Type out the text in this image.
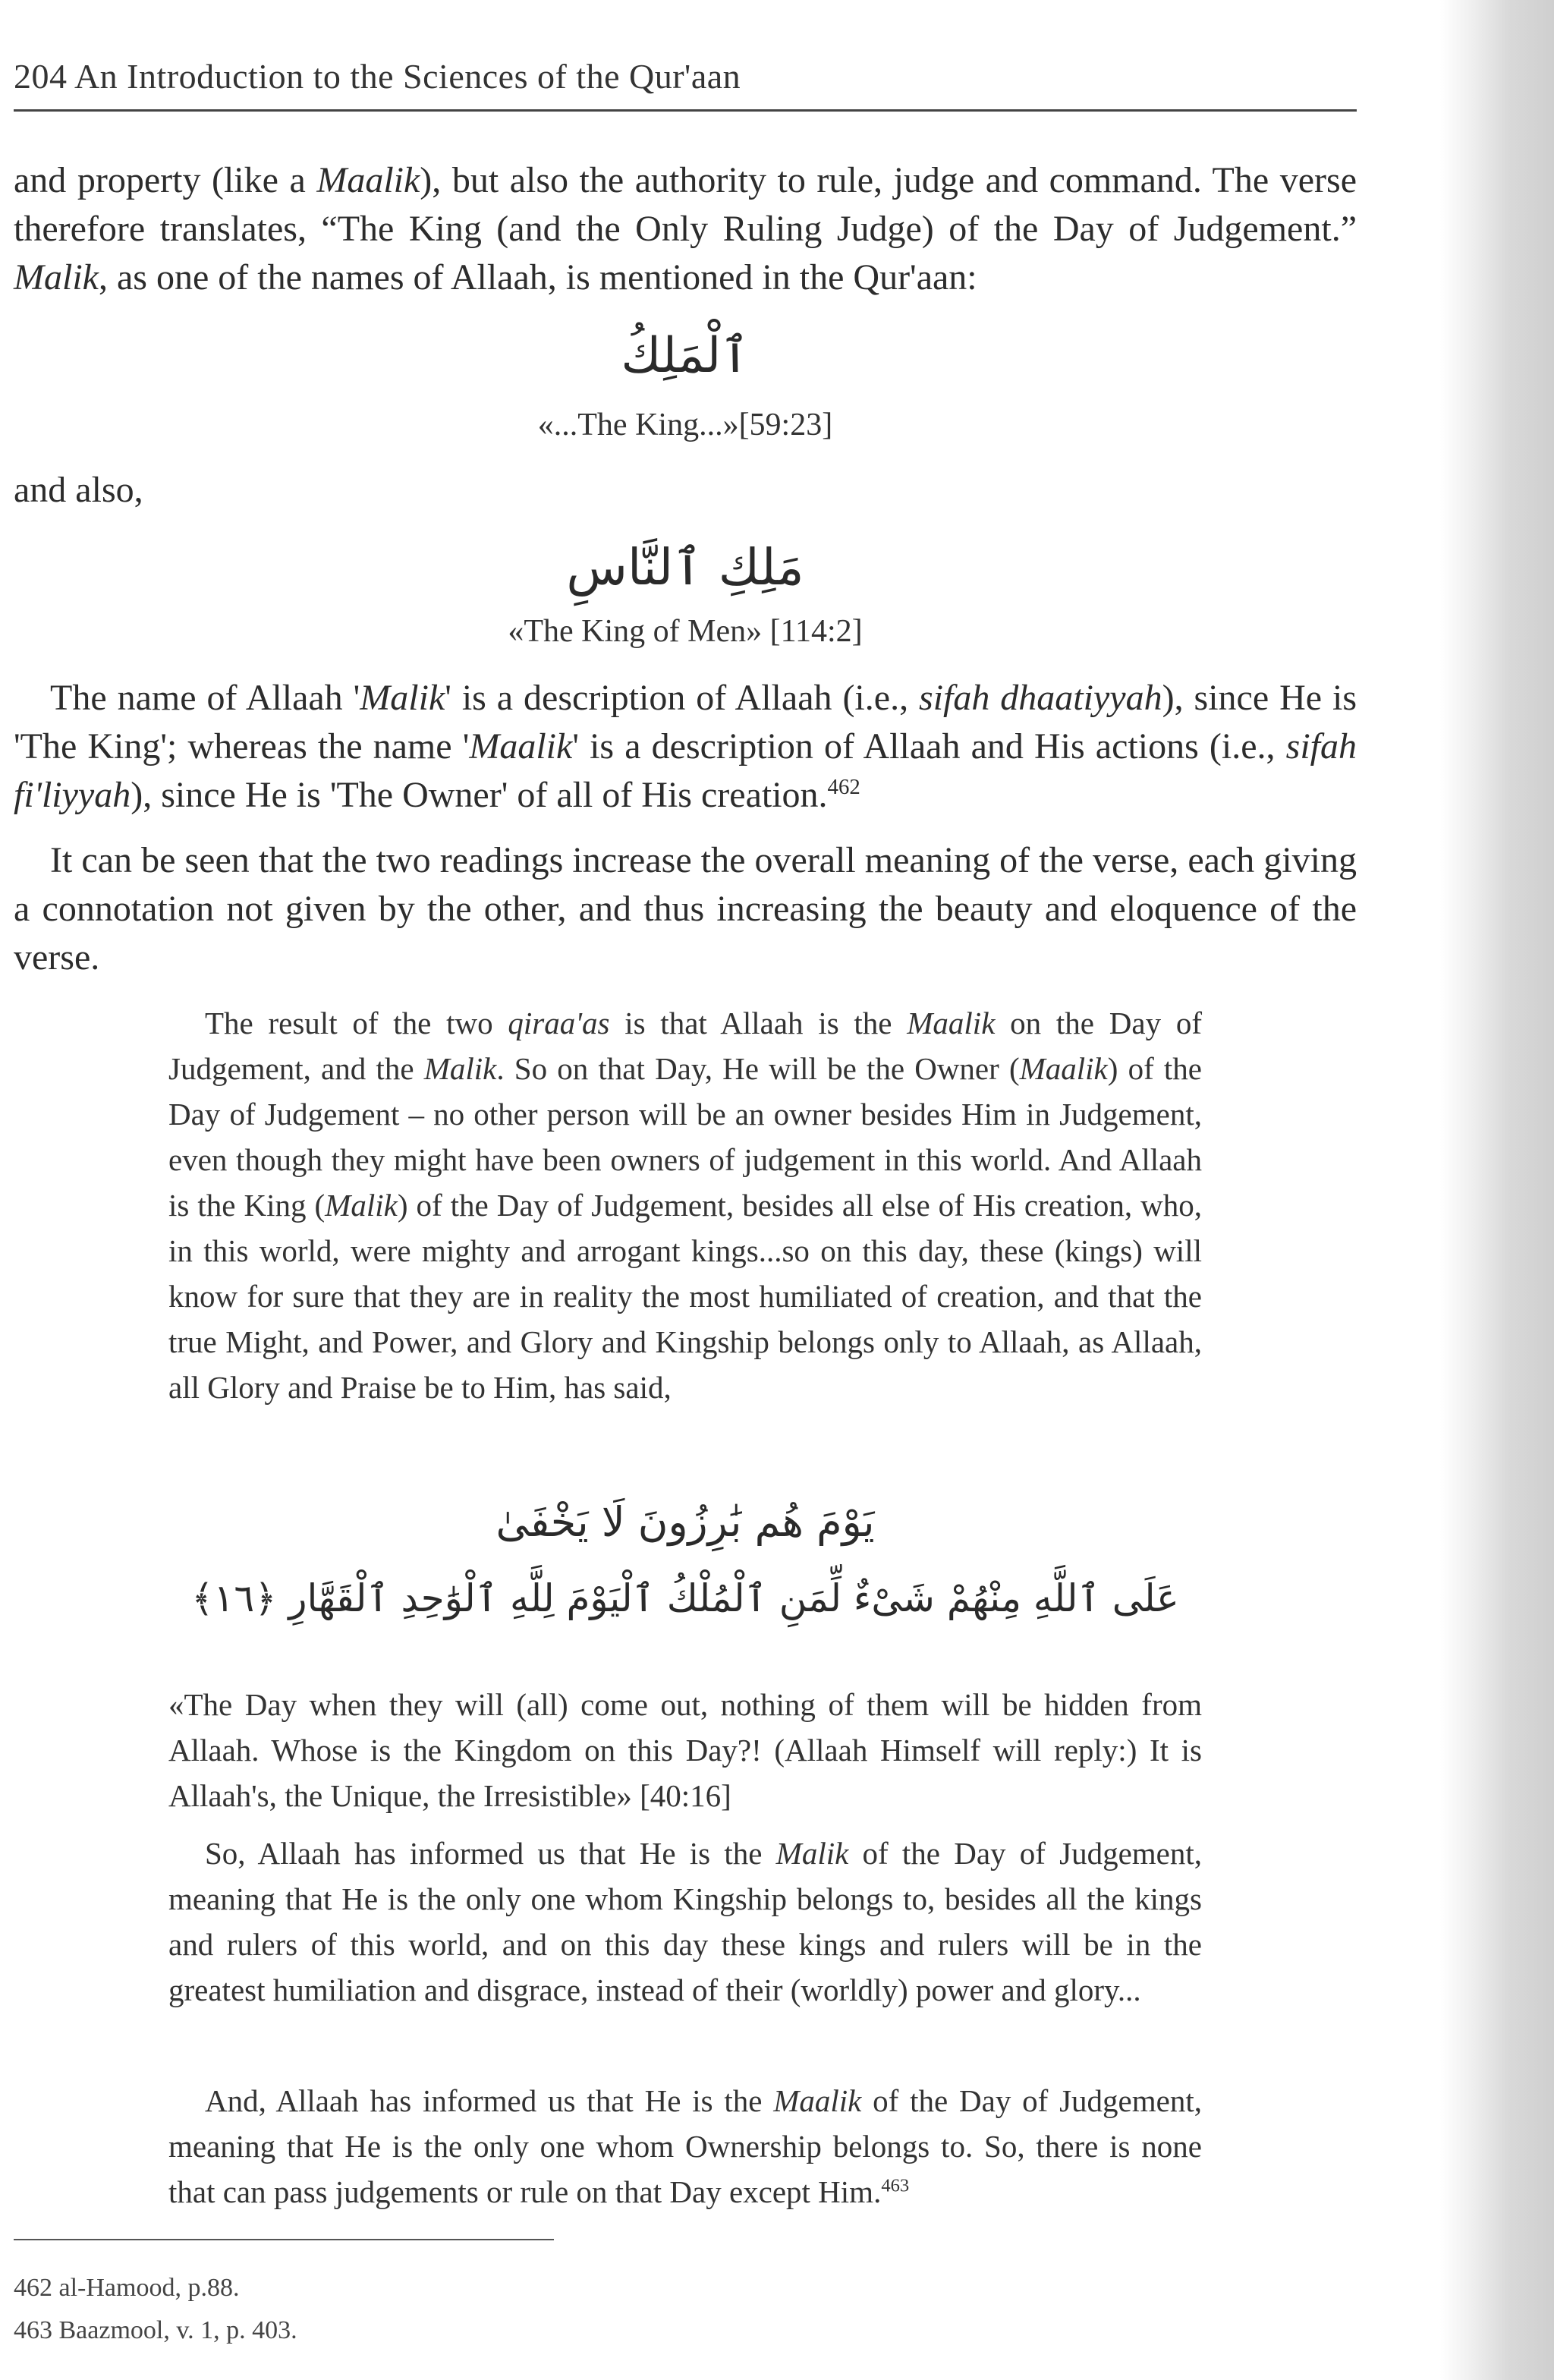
204 An Introduction to the Sciences of the Qur'aan
and property (like a Maalik), but also the authority to rule, judge and command. The verse therefore translates, “The King (and the Only Ruling Judge) of the Day of Judgement.” Malik, as one of the names of Allaah, is mentioned in the Qur'aan:
ٱلْمَلِكُ
«...The King...»[59:23]
and also,
مَلِكِ ٱلنَّاسِ
«The King of Men» [114:2]
The name of Allaah 'Malik' is a description of Allaah (i.e., sifah dhaatiyyah), since He is 'The King'; whereas the name 'Maalik' is a description of Allaah and His actions (i.e., sifah fi'liyyah), since He is 'The Owner' of all of His creation.$^{462}$
It can be seen that the two readings increase the overall meaning of the verse, each giving a connotation not given by the other, and thus increasing the beauty and eloquence of the verse.
The result of the two qiraa'as is that Allaah is the Maalik on the Day of Judgement, and the Malik. So on that Day, He will be the Owner (Maalik) of the Day of Judgement – no other person will be an owner besides Him in Judgement, even though they might have been owners of judgement in this world. And Allaah is the King (Malik) of the Day of Judgement, besides all else of His creation, who, in this world, were mighty and arrogant kings...so on this day, these (kings) will know for sure that they are in reality the most humiliated of creation, and that the true Might, and Power, and Glory and Kingship belongs only to Allaah, as Allaah, all Glory and Praise be to Him, has said,
يَوْمَ هُم بَٰرِزُونَ لَا يَخْفَىٰ
عَلَى ٱللَّهِ مِنْهُمْ شَىْءٌ لِّمَنِ ٱلْمُلْكُ ٱلْيَوْمَ لِلَّهِ ٱلْوَٰحِدِ ٱلْقَهَّارِ ﴿١٦﴾
«The Day when they will (all) come out, nothing of them will be hidden from Allaah. Whose is the Kingdom on this Day?! (Allaah Himself will reply:) It is Allaah's, the Unique, the Irresistible» [40:16]
So, Allaah has informed us that He is the Malik of the Day of Judgement, meaning that He is the only one whom Kingship belongs to, besides all the kings and rulers of this world, and on this day these kings and rulers will be in the greatest humiliation and disgrace, instead of their (worldly) power and glory...
And, Allaah has informed us that He is the Maalik of the Day of Judgement, meaning that He is the only one whom Ownership belongs to. So, there is none that can pass judgements or rule on that Day except Him.$^{463}$
462 al-Hamood, p.88.
463 Baazmool, v. 1, p. 403.
